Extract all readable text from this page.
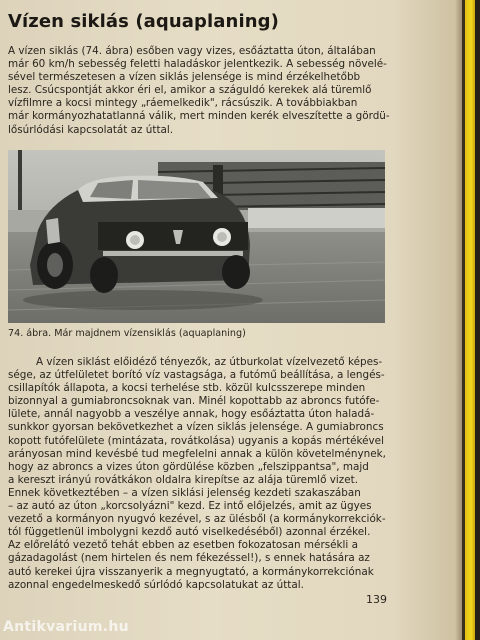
Vízen siklás (aquaplaning)
A vízen siklás (74. ábra) esőben vagy vizes, esőáztatta úton, általában
már 60 km/h sebesség feletti haladáskor jelentkezik. A sebesség növelé-
sével természetesen a vízen siklás jelensége is mind érzékelhetőbb
lesz. Csúcspontját akkor éri el, amikor a száguldó kerekek alá türemlő
vízfilmre a kocsi mintegy „ráemelkedik", rácsúszik. A továbbiakban
már kormányozhatatlanná válik, mert minden kerék elveszítette a gördü-
lősúrlódási kapcsolatát az úttal.
74. ábra. Már majdnem vízensiklás (aquaplaning)
A vízen siklást előidéző tényezők, az útburkolat vízelvezető képes-
sége, az útfelületet borító víz vastagsága, a futómű beállítása, a lengés-
csillapítók állapota, a kocsi terhelése stb. közül kulcsszerepe minden
bizonnyal a gumiabroncsoknak van. Minél kopottabb az abroncs futófe-
lülete, annál nagyobb a veszélye annak, hogy esőáztatta úton haladá-
sunkkor gyorsan bekövetkezhet a vízen siklás jelensége. A gumiabroncs
kopott futófelülete (mintázata, rovátkolása) ugyanis a kopás mértékével
arányosan mind kevésbé tud megfelelni annak a külön követelménynek,
hogy az abroncs a vizes úton gördülése közben „felszippantsa", majd
a kereszt irányú rovátkákon oldalra kirepítse az alája türemlő vizet.
Ennek következtében – a vízen siklási jelenség kezdeti szakaszában
– az autó az úton „korcsolyázni" kezd. Ez intő előjelzés, amit az ügyes
vezető a kormányon nyugvó kezével, s az ülésből (a kormánykorrekciók-
tól függetlenül imbolygni kezdő autó viselkedéséből) azonnal érzékel.
Az előrelátó vezető tehát ebben az esetben fokozatosan mérsékli a
gázadagolást (nem hirtelen és nem fékezéssel!), s ennek hatására az
autó kerekei újra visszanyerik a megnyugtató, a kormánykorrekciónak
azonnal engedelmeskedő súrlódó kapcsolatukat az úttal.
139
Antikvarium.hu
